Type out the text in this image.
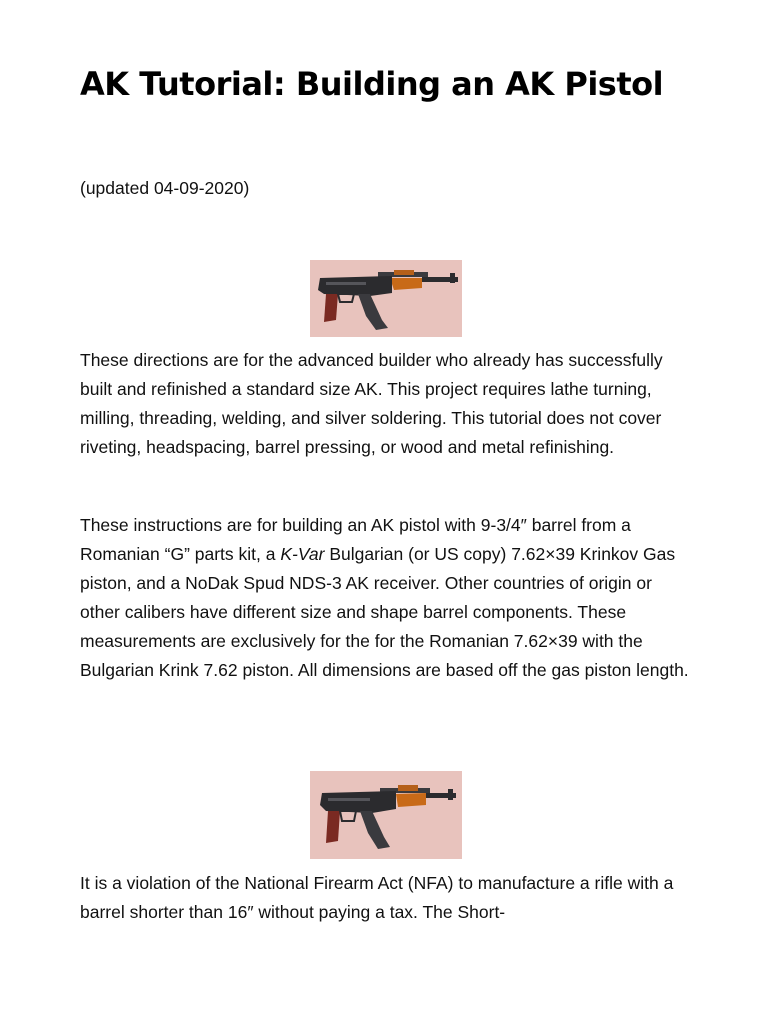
AK Tutorial: Building an AK Pistol

(updated 04-09-2020)

These directions are for the advanced builder who already has successfully built and refinished a standard size AK. This project requires lathe turning, milling, threading, welding, and silver soldering. This tutorial does not cover riveting, headspacing, barrel pressing, or wood and metal refinishing.

These instructions are for building an AK pistol with 9-3/4″ barrel from a Romanian “G” parts kit, a K-Var Bulgarian (or US copy) 7.62×39 Krinkov Gas piston, and a NoDak Spud NDS-3 AK receiver. Other countries of origin or other calibers have different size and shape barrel components. These measurements are exclusively for the for the Romanian 7.62×39 with the Bulgarian Krink 7.62 piston. All dimensions are based off the gas piston length.

It is a violation of the National Firearm Act (NFA) to manufacture a rifle with a barrel shorter than 16″ without paying a tax. The Short-
